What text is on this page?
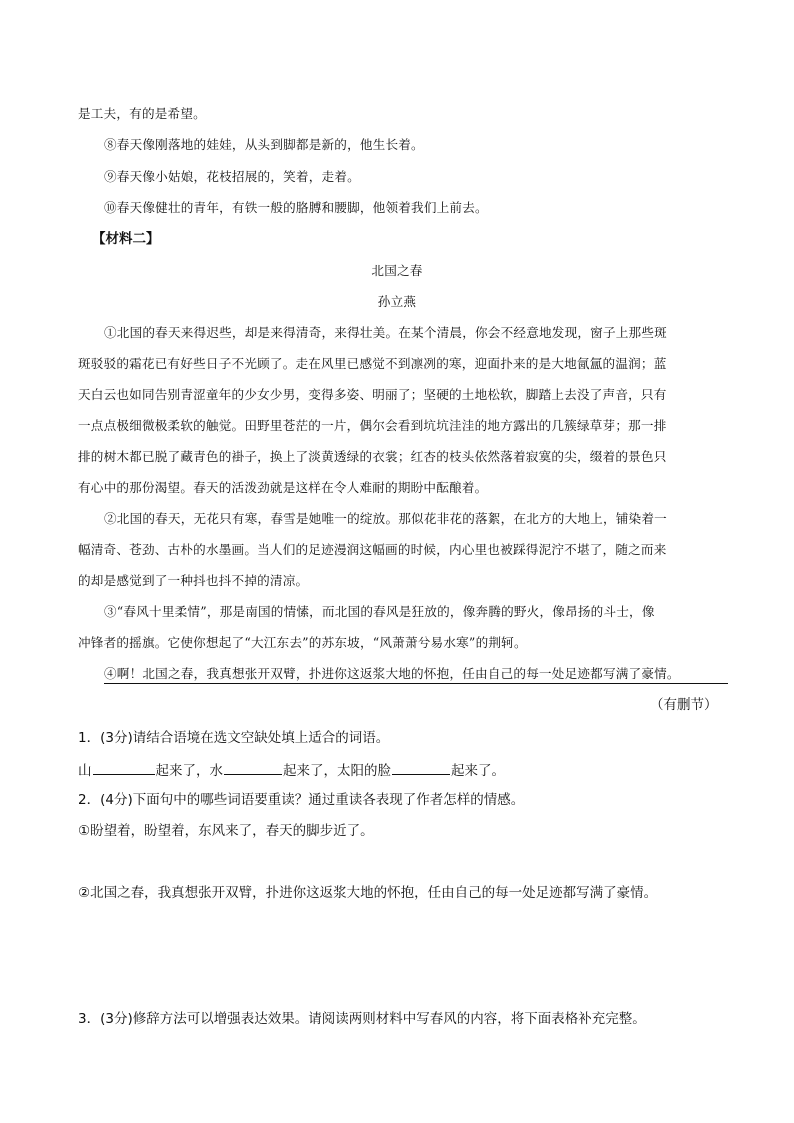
是工夫，有的是希望。
⑧春天像刚落地的娃娃，从头到脚都是新的，他生长着。
⑨春天像小姑娘，花枝招展的，笑着，走着。
⑩春天像健壮的青年，有铁一般的胳膊和腰脚，他领着我们上前去。
【材料二】
北国之春
孙立燕
①北国的春天来得迟些，却是来得清奇，来得壮美。在某个清晨，你会不经意地发现，窗子上那些斑
斑驳驳的霜花已有好些日子不光顾了。走在风里已感觉不到凛冽的寒，迎面扑来的是大地氤氲的温润；蓝
天白云也如同告别青涩童年的少女少男，变得多姿、明丽了；坚硬的土地松软，脚踏上去没了声音，只有
一点点极细微极柔软的触觉。田野里苍茫的一片，偶尔会看到坑坑洼洼的地方露出的几簇绿草芽；那一排
排的树木都已脱了藏青色的褂子，换上了淡黄透绿的衣裳；红杏的枝头依然落着寂寞的尖，缀着的景色只
有心中的那份渴望。春天的活泼劲就是这样在令人难耐的期盼中酝酿着。
②北国的春天，无花只有寒，春雪是她唯一的绽放。那似花非花的落絮，在北方的大地上，铺染着一
幅清奇、苍劲、古朴的水墨画。当人们的足迹漫润这幅画的时候，内心里也被踩得泥泞不堪了，随之而来
的却是感觉到了一种抖也抖不掉的清凉。
③“春风十里柔情”，那是南国的情愫，而北国的春风是狂放的，像奔腾的野火，像昂扬的斗士，像
冲锋者的摇旗。它使你想起了“大江东去”的苏东坡，“风萧萧兮易水寒”的荆轲。
④啊！北国之春，我真想张开双臂，扑进你这返浆大地的怀抱，任由自己的每一处足迹都写满了豪情。
（有删节）
1．(3分)请结合语境在选文空缺处填上适合的词语。
山	起来了，水	起来了，太阳的脸	起来了。
2．(4分)下面句中的哪些词语要重读？通过重读各表现了作者怎样的情感。
①盼望着，盼望着，东风来了，春天的脚步近了。
②北国之春，我真想张开双臂，扑进你这返浆大地的怀抱，任由自己的每一处足迹都写满了豪情。
3．(3分)修辞方法可以增强表达效果。请阅读两则材料中写春风的内容，将下面表格补充完整。
